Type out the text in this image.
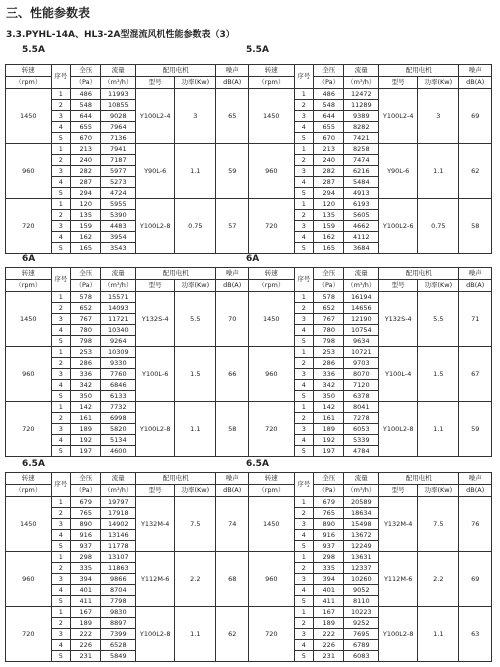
三、性能参数表
3.3.PYHL-14A、HL3-2A型混流风机性能参数表（3）
5.5A
转速	序号	全压	流量	配用电机		噪声
（rpm）		（Pa）	（m³/h）	型号	功率(Kw)	dB(A)
1450	1	486	11993	Y100L2-4	3	65
	2	548	10855			
	3	644	9028			
	4	655	7964			
	5	670	7136			
960	1	213	7941	Y90L-6	1.1	59
	2	240	7187			
	3	282	5977			
	4	287	5273			
	5	294	4724			
720	1	120	5955	Y100L2-8	0.75	57
	2	135	5390			
	3	159	4483			
	4	162	3954			
	5	165	3543			
5.5A
转速	序号	全压	流量	配用电机		噪声
（rpm）		（Pa）	（m³/h）	型号	功率(Kw)	dB(A)
1450	1	486	12472	Y100L2-4	3	69
	2	548	11289			
	3	644	9389			
	4	655	8282			
	5	670	7421			
960	1	213	8258	Y90L-6	1.1	62
	2	240	7474			
	3	282	6216			
	4	287	5484			
	5	294	4913			
720	1	120	6193	Y100L2-6	0.75	58
	2	135	5605			
	3	159	4662			
	4	162	4112			
	5	165	3684			
6A
转速	序号	全压	流量	配用电机		噪声
（rpm）		（Pa）	（m³/h）	型号	功率(Kw)	dB(A)
1450	1	578	15571	Y132S-4	5.5	70
	2	652	14093			
	3	767	11721			
	4	780	10340			
	5	798	9264			
960	1	253	10309	Y100L-6	1.5	66
	2	286	9330			
	3	336	7760			
	4	342	6846			
	5	350	6133			
720	1	142	7732	Y100L2-8	1.1	58
	2	161	6998			
	3	189	5820			
	4	192	5134			
	5	197	4600			
6A
转速	序号	全压	流量	配用电机		噪声
（rpm）		（Pa）	（m³/h）	型号	功率(Kw)	dB(A)
1450	1	578	16194	Y132S-4	5.5	71
	2	652	14656			
	3	767	12190			
	4	780	10754			
	5	798	9634			
960	1	253	10721	Y100L-4	1.5	67
	2	286	9703			
	3	336	8070			
	4	342	7120			
	5	350	6378			
720	1	142	8041	Y100L2-8	1.1	59
	2	161	7278			
	3	189	6053			
	4	192	5339			
	5	197	4784			
6.5A
转速	序号	全压	流量	配用电机		噪声
（rpm）		（Pa）	（m³/h）	型号	功率(Kw)	dB(A)
1450	1	679	19797	Y132M-4	7.5	74
	2	765	17918			
	3	890	14902			
	4	916	13146			
	5	937	11778			
960	1	298	13107	Y112M-6	2.2	68
	2	335	11863			
	3	394	9866			
	4	401	8704			
	5	411	7798			
720	1	167	9830	Y100L2-8	1.1	62
	2	189	8897			
	3	222	7399			
	4	226	6528			
	5	231	5849			
6.5A
转速	序号	全压	流量	配用电机		噪声
（rpm）		（Pa）	（m³/h）	型号	功率(Kw)	dB(A)
1450	1	679	20589	Y132M-4	7.5	76
	2	765	18634			
	3	890	15498			
	4	916	13672			
	5	937	12249			
960	1	298	13631	Y112M-6	2.2	69
	2	335	12337			
	3	394	10260			
	4	401	9052			
	5	411	8110			
720	1	167	10223	Y100L2-8	1.1	63
	2	189	9252			
	3	222	7695			
	4	226	6789			
	5	231	6083			
